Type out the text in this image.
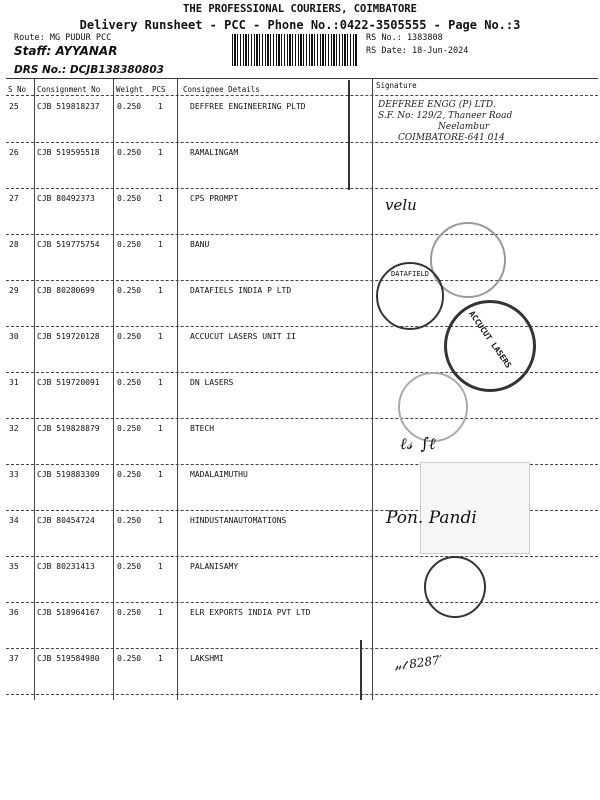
THE PROFESSIONAL COURIERS, COIMBATORE
Delivery Runsheet - PCC - Phone No.:0422-3505555 - Page No.:3
Route: MG PUDUR PCC
Staff: AYYANAR
DRS No.: DCJB138380803
RS No.: 1383808
RS Date: 18-Jun-2024
S No Consignment No Weight PCS Consignee Details	Signature
25 CJB 519818237 0.250 1	DEFFREE ENGINEERING PLTD
26 CJB 519595518 0.250 1	RAMALINGAM
27 CJB 80492373	0.250 1	CPS PROMPT
28 CJB 519775754 0.250 1	BANU
29 CJB 80280699	0.250 1	DATAFIELS INDIA P LTD
30 CJB 519720128 0.250 1	ACCUCUT LASERS UNIT II
31 CJB 519720091 0.250 1	DN LASERS
32 CJB 519828879 0.250 1	BTECH
33 CJB 519883309 0.250 1	MADALAIMUTHU
34 CJB 80454724	0.250 1	HINDUSTANAUTOMATIONS
35 CJB 80231413	0.250 1	PALANISAMY
36 CJB 518964167 0.250 1	ELR EXPORTS INDIA PVT LTD
37 CJB 519584980 0.250 1	LAKSHMI
DEFFREE ENGG (P) LTD.
S.F. No: 129/2, Thaneer Road
Neelambur
COIMBATORE-641 014
velu
DATAFIELD
ACCUCUT LASERS
ℓ𝓈 ∫ℓ
Pon. Pandi
𝓃𝓉 8287′
